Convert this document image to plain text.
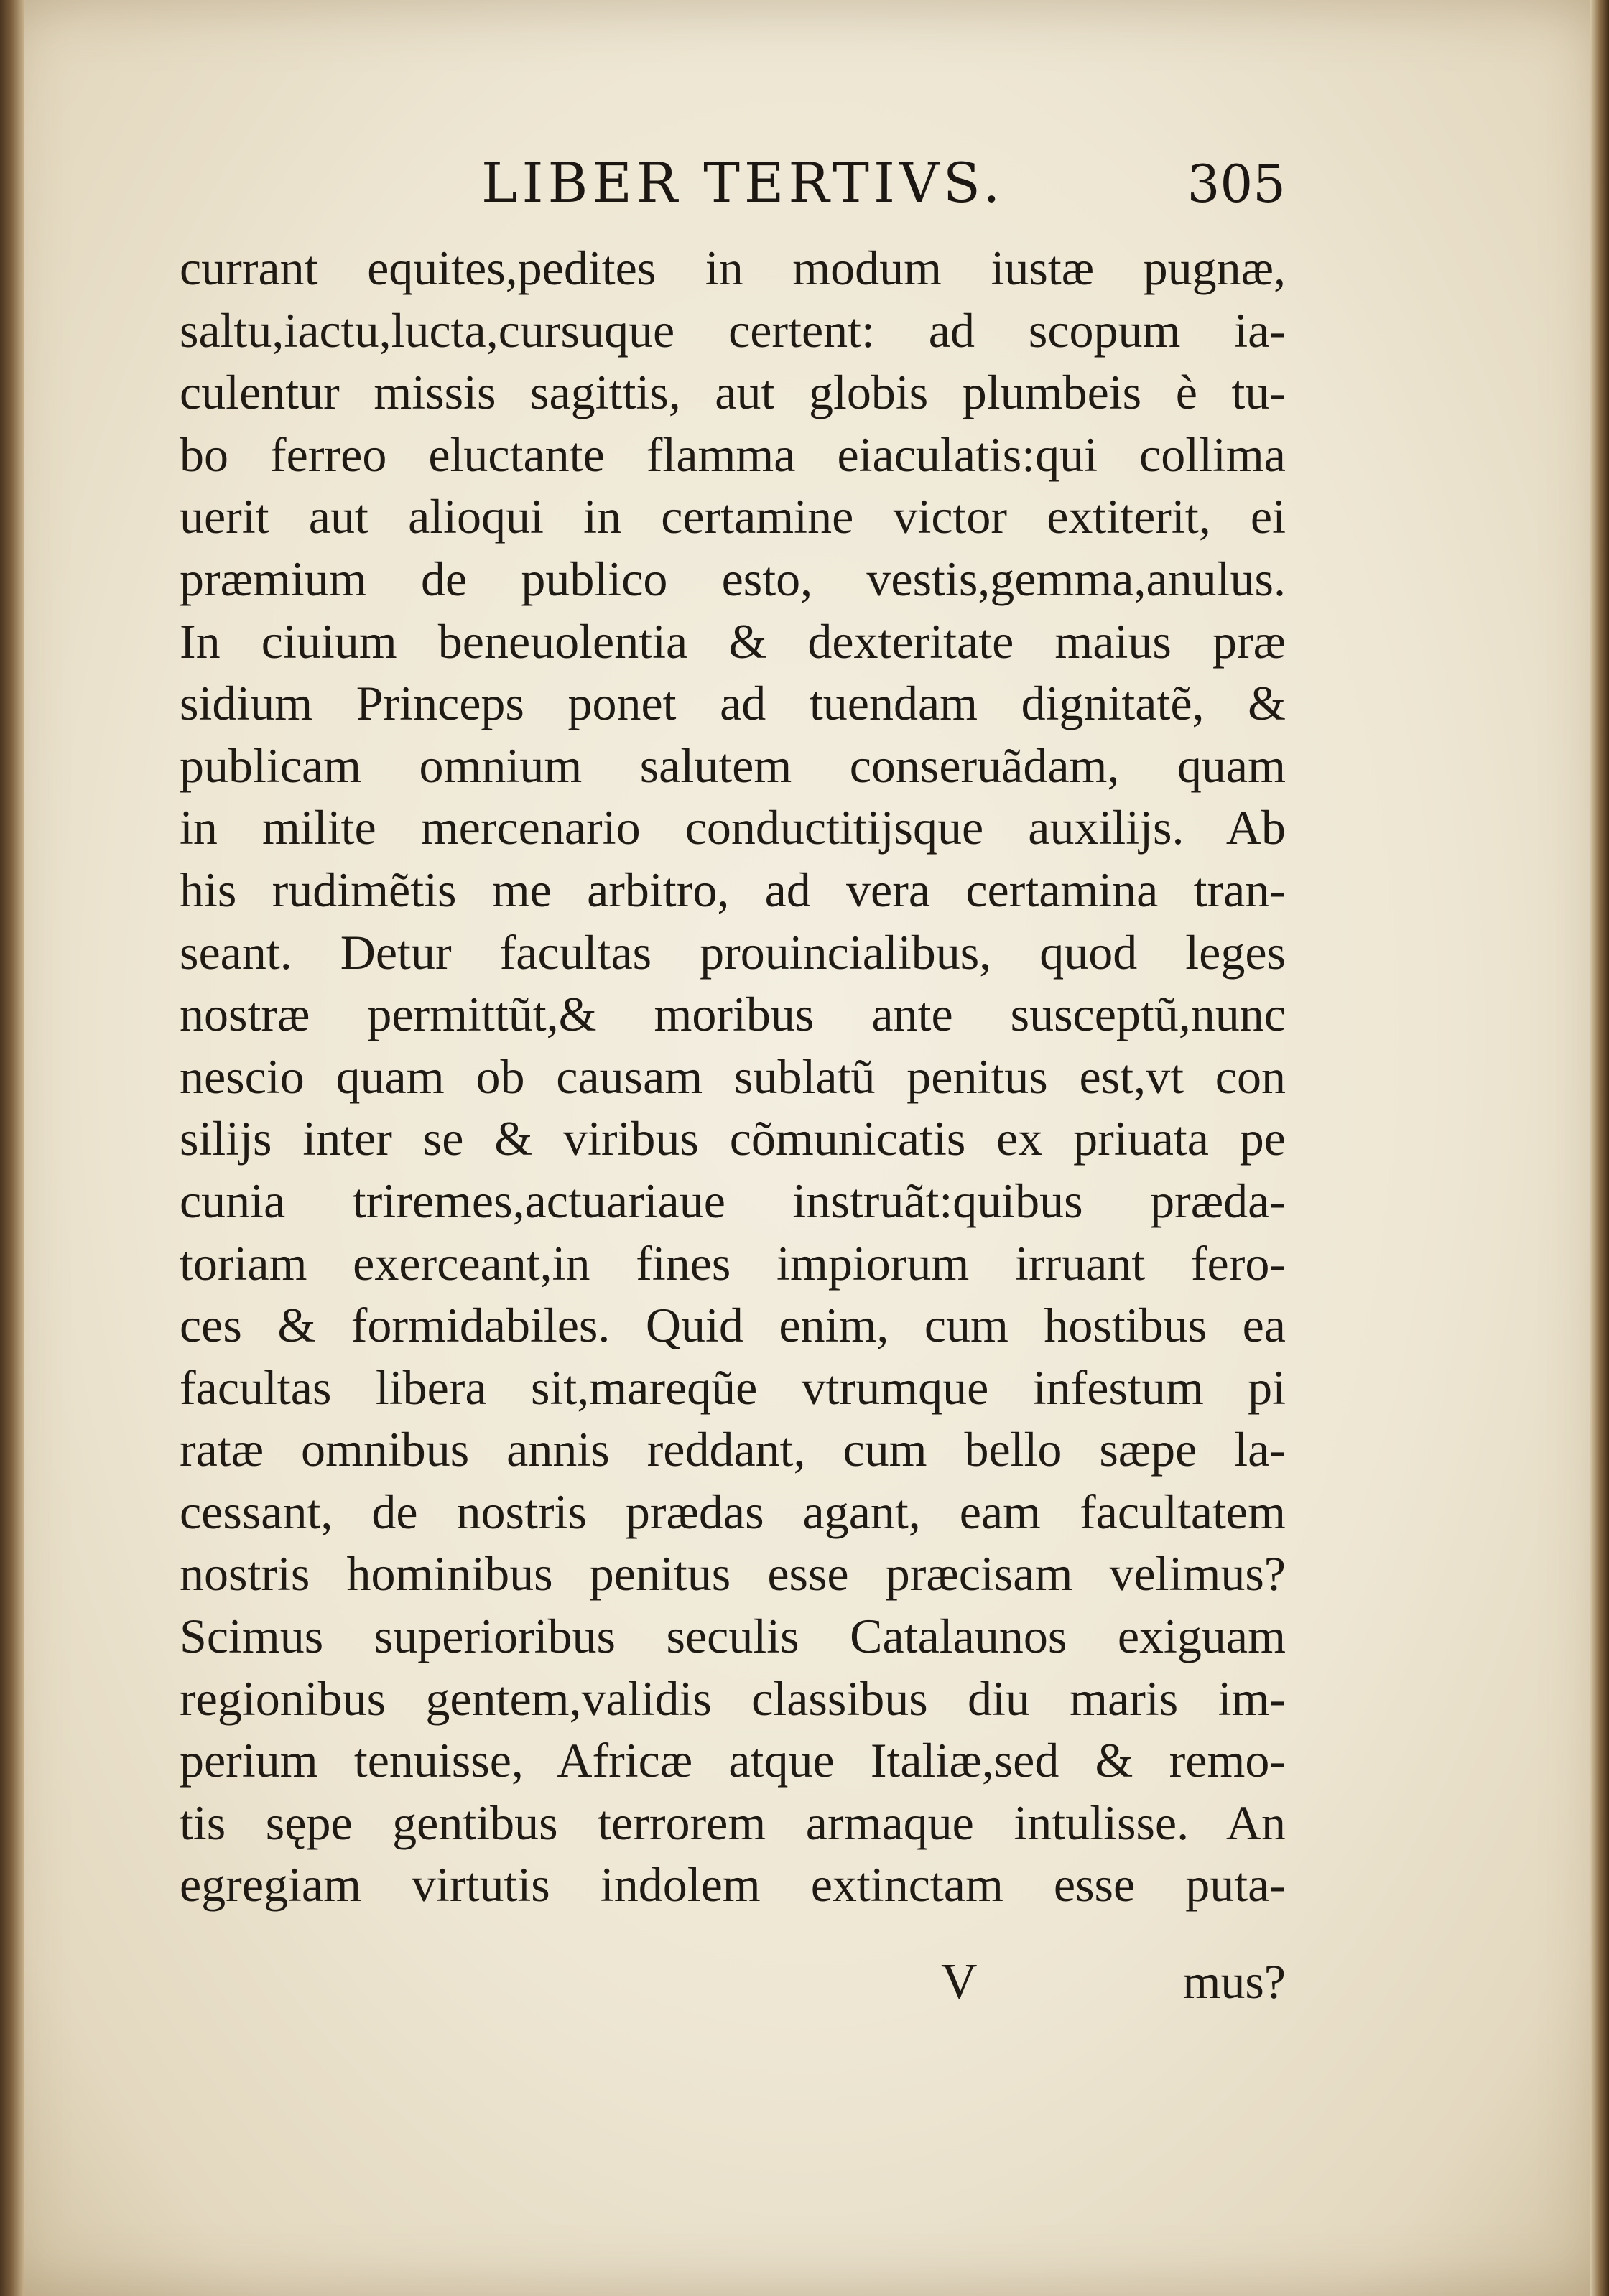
LIBER TERTIVS.	305
currant equites,pedites in modum iustæ pugnæ,
saltu,iactu,lucta,cursuque certent: ad scopum ia-
culentur missis sagittis, aut globis plumbeis è tu-
bo ferreo eluctante flamma eiaculatis:qui collima
uerit aut alioqui in certamine victor extiterit, ei
præmium de publico esto, vestis,gemma,anulus.
In ciuium beneuolentia & dexteritate maius præ
sidium Princeps ponet ad tuendam dignitatẽ, &
publicam omnium salutem conseruãdam, quam
in milite mercenario conductitijsque auxilijs. Ab
his rudimẽtis me arbitro, ad vera certamina tran-
seant. Detur facultas prouincialibus, quod leges
nostræ permittũt,& moribus ante susceptũ,nunc
nescio quam ob causam sublatũ penitus est,vt con
silijs inter se & viribus cõmunicatis ex priuata pe
cunia triremes,actuariaue instruãt:quibus præda-
toriam exerceant,in fines impiorum irruant fero-
ces & formidabiles. Quid enim, cum hostibus ea
facultas libera sit,mareqũe vtrumque infestum pi
ratæ omnibus annis reddant, cum bello sæpe la-
cessant, de nostris prædas agant, eam facultatem
nostris hominibus penitus esse præcisam velimus?
Scimus superioribus seculis Catalaunos exiguam
regionibus gentem,validis classibus diu maris im-
perium tenuisse, Africæ atque Italiæ,sed & remo-
tis sępe gentibus terrorem armaque intulisse. An
egregiam virtutis indolem extinctam esse puta-
V	mus?
